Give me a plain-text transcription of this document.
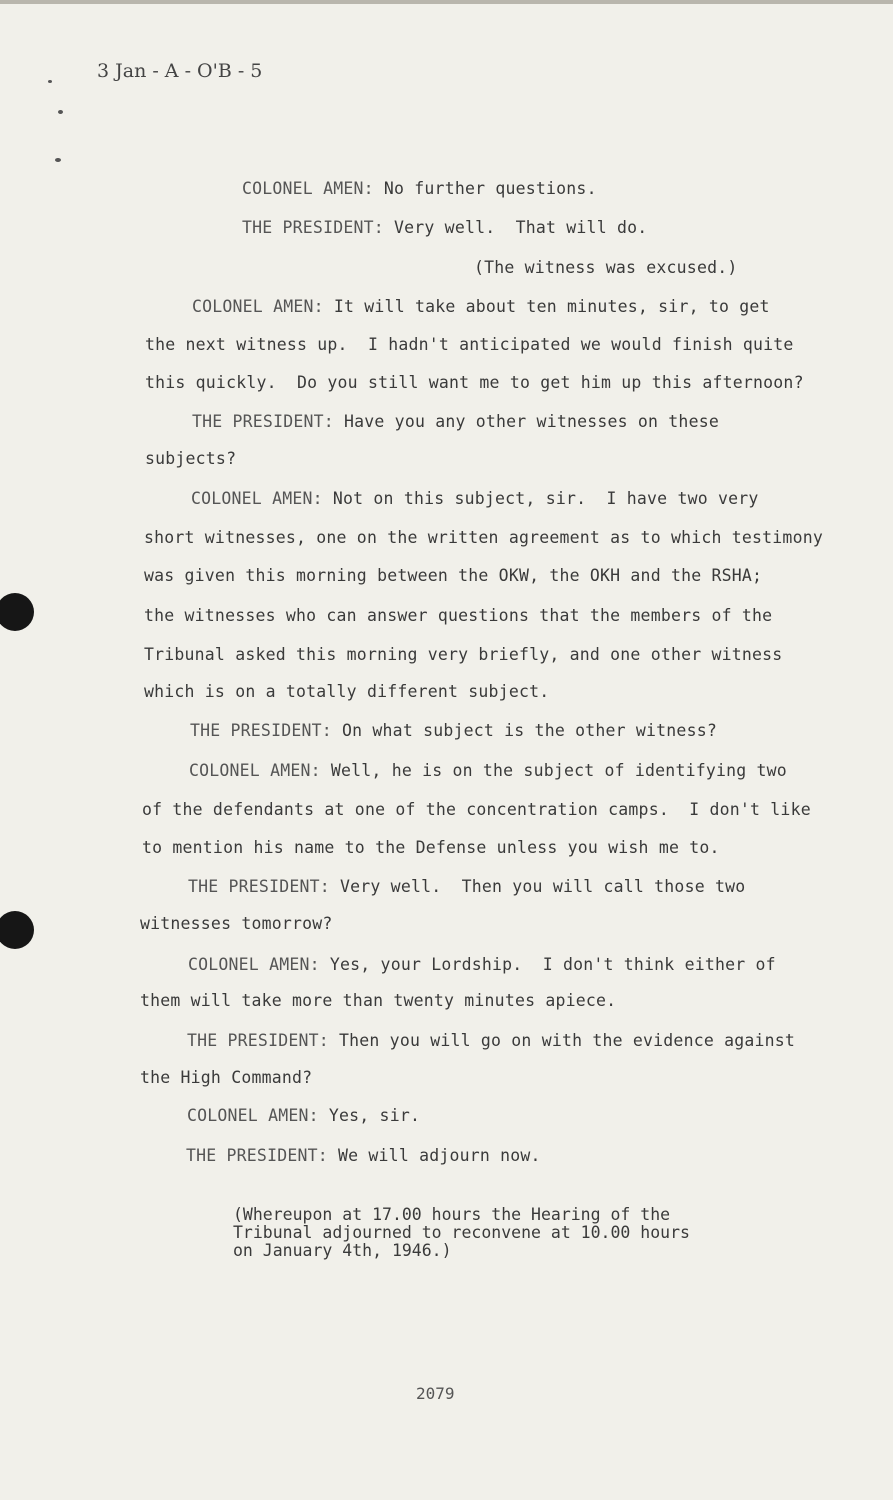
3 Jan - A - O'B - 5
COLONEL AMEN: No further questions.
THE PRESIDENT: Very well.  That will do.
(The witness was excused.)
COLONEL AMEN: It will take about ten minutes, sir, to get
the next witness up.  I hadn't anticipated we would finish quite
this quickly.  Do you still want me to get him up this afternoon?
THE PRESIDENT: Have you any other witnesses on these
subjects?
COLONEL AMEN: Not on this subject, sir.  I have two very
short witnesses, one on the written agreement as to which testimony
was given this morning between the OKW, the OKH and the RSHA;
the witnesses who can answer questions that the members of the
Tribunal asked this morning very briefly, and one other witness
which is on a totally different subject.
THE PRESIDENT: On what subject is the other witness?
COLONEL AMEN: Well, he is on the subject of identifying two
of the defendants at one of the concentration camps.  I don't like
to mention his name to the Defense unless you wish me to.
THE PRESIDENT: Very well.  Then you will call those two
witnesses tomorrow?
COLONEL AMEN: Yes, your Lordship.  I don't think either of
them will take more than twenty minutes apiece.
THE PRESIDENT: Then you will go on with the evidence against
the High Command?
COLONEL AMEN: Yes, sir.
THE PRESIDENT: We will adjourn now.
(Whereupon at 17.00 hours the Hearing of the
Tribunal adjourned to reconvene at 10.00 hours
on January 4th, 1946.)
2079
